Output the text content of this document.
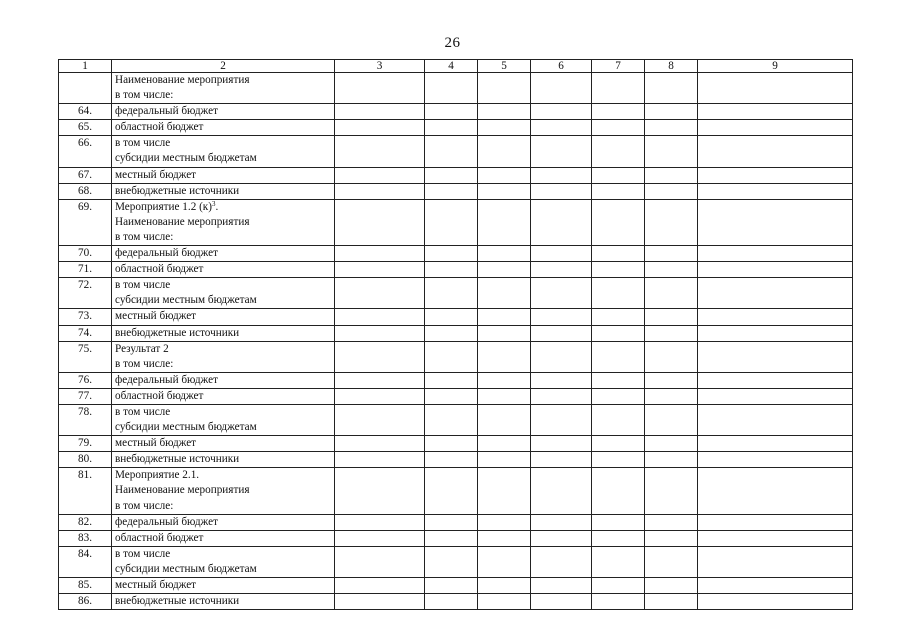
26
1	2	3	4	5	6	7	8	9

	Наименование мероприятия
в том числе:							

64.	федеральный бюджет							

65.	областной бюджет							

66.	в том числе
субсидии местным бюджетам							

67.	местный бюджет							

68.	внебюджетные источники							

69.	Мероприятие 1.2 $(к)^3$.
Наименование мероприятия
в том числе:							

70.	федеральный бюджет							

71.	областной бюджет							

72.	в том числе
субсидии местным бюджетам							

73.	местный бюджет							

74.	внебюджетные источники							

75.	Результат 2
в том числе:							

76.	федеральный бюджет							

77.	областной бюджет							

78.	в том числе
субсидии местным бюджетам							

79.	местный бюджет							

80.	внебюджетные источники							

81.	Мероприятие 2.1.
Наименование мероприятия
в том числе:							

82.	федеральный бюджет							

83.	областной бюджет							

84.	в том числе
субсидии местным бюджетам							

85.	местный бюджет							

86.	внебюджетные источники							
